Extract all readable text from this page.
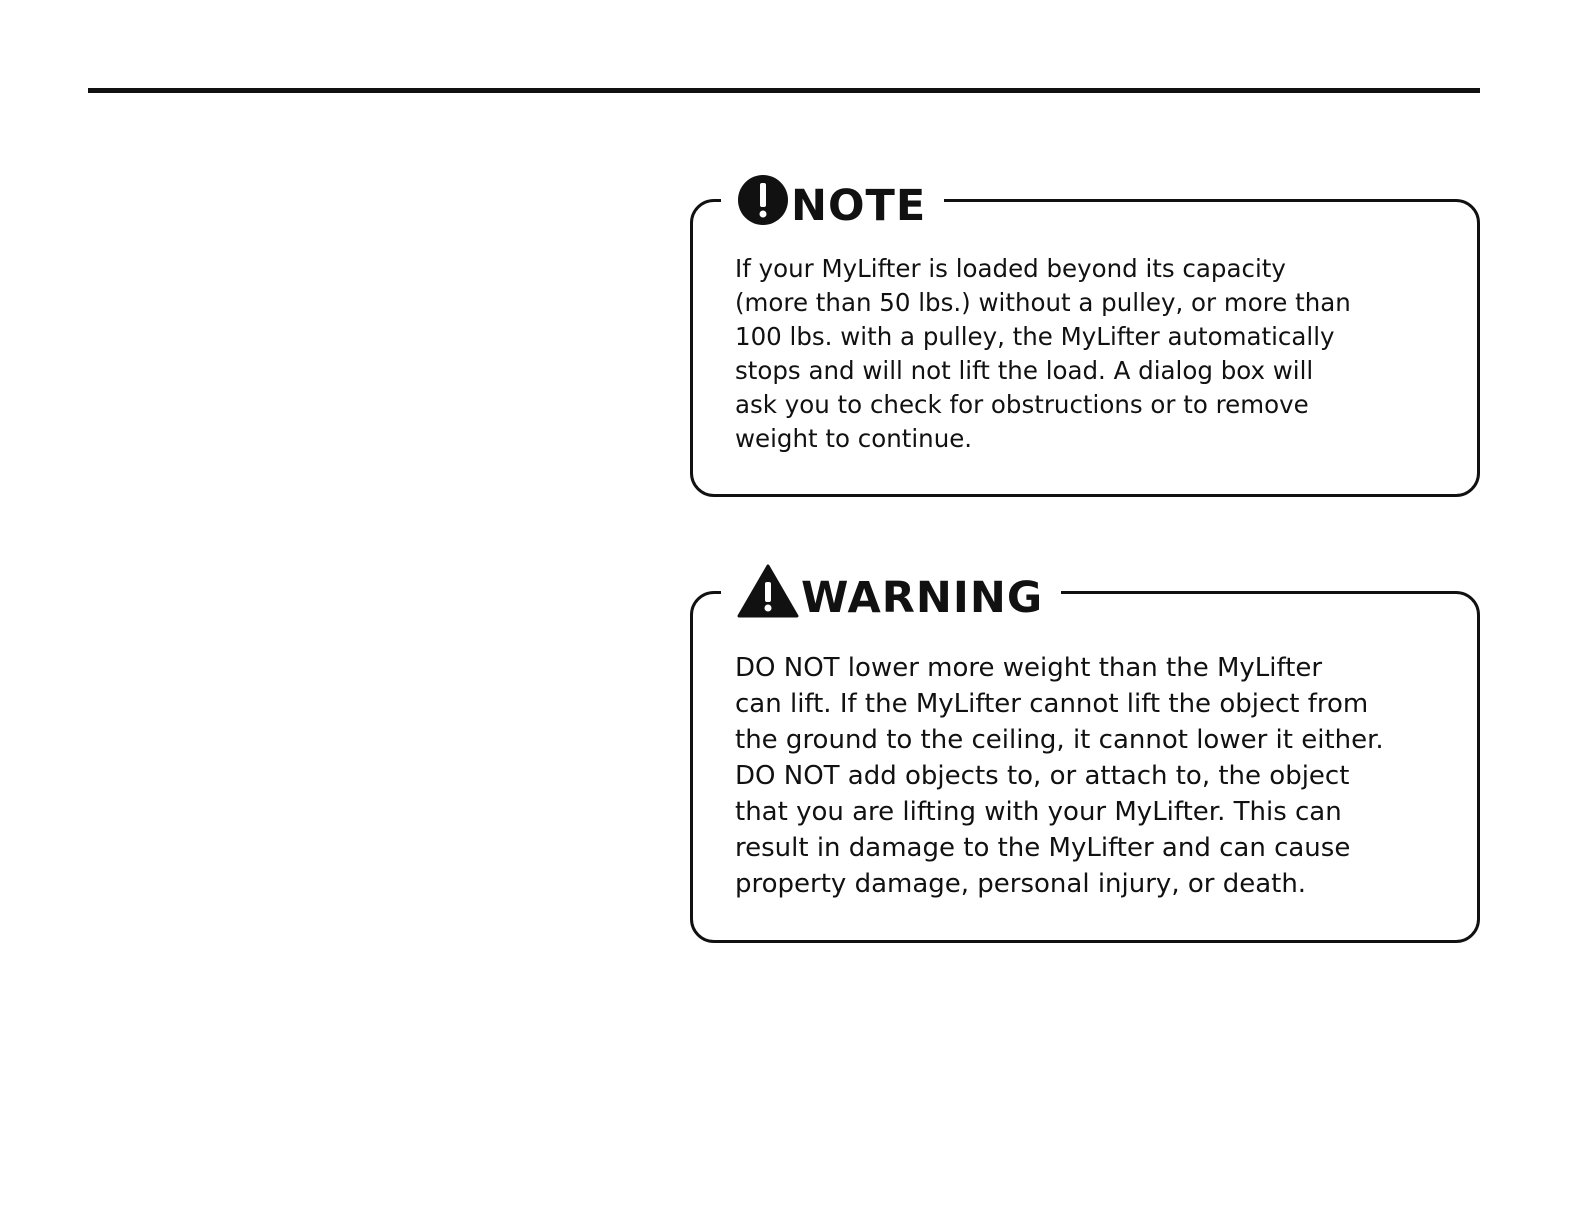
NOTE

If your MyLifter is loaded beyond its capacity
(more than 50 lbs.) without a pulley, or more than
100 lbs. with a pulley, the MyLifter automatically
stops and will not lift the load. A dialog box will
ask you to check for obstructions or to remove
weight to continue.

WARNING

DO NOT lower more weight than the MyLifter
can lift. If the MyLifter cannot lift the object from
the ground to the ceiling, it cannot lower it either.
DO NOT add objects to, or attach to, the object
that you are lifting with your MyLifter. This can
result in damage to the MyLifter and can cause
property damage, personal injury, or death.
